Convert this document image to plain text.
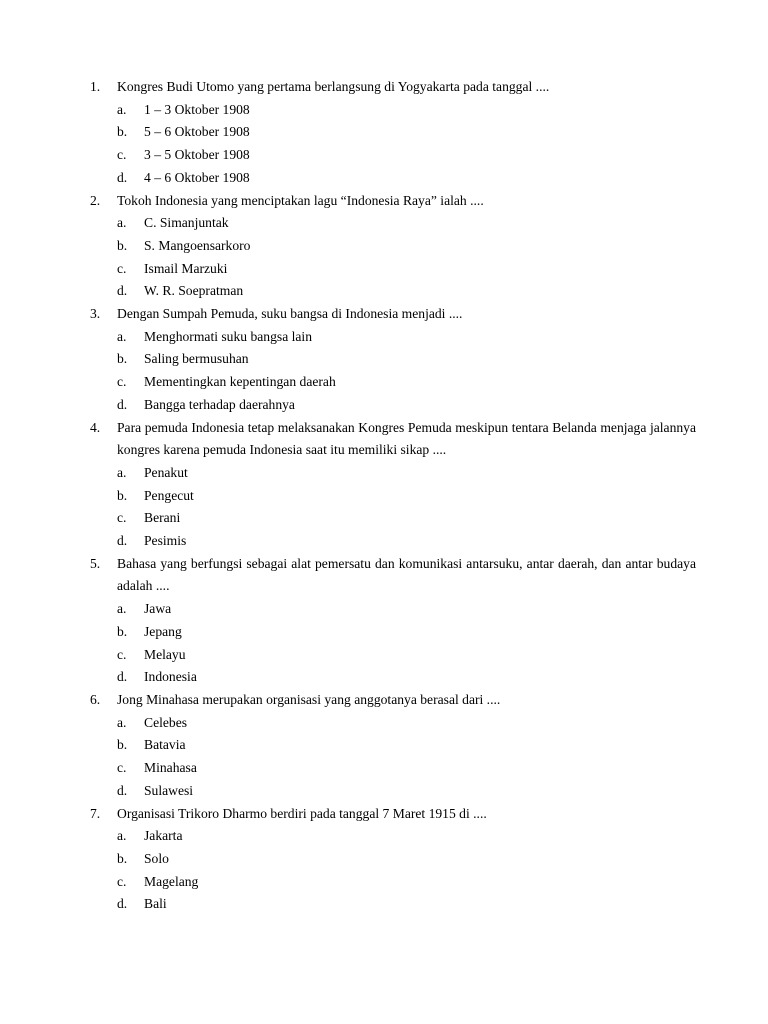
1.	Kongres Budi Utomo yang pertama berlangsung di Yogyakarta pada tanggal ....
a.	1 – 3 Oktober 1908
b.	5 – 6 Oktober 1908
c.	3 – 5 Oktober 1908
d.	4 – 6 Oktober 1908
2.	Tokoh Indonesia yang menciptakan lagu “Indonesia Raya” ialah ....
a.	C. Simanjuntak
b.	S. Mangoensarkoro
c.	Ismail Marzuki
d.	W. R. Soepratman
3.	Dengan Sumpah Pemuda, suku bangsa di Indonesia menjadi ....
a.	Menghormati suku bangsa lain
b.	Saling bermusuhan
c.	Mementingkan kepentingan daerah
d.	Bangga terhadap daerahnya
4.	Para pemuda Indonesia tetap melaksanakan Kongres Pemuda meskipun tentara Belanda menjaga jalannya kongres karena pemuda Indonesia saat itu memiliki sikap ....
a.	Penakut
b.	Pengecut
c.	Berani
d.	Pesimis
5.	Bahasa yang berfungsi sebagai alat pemersatu dan komunikasi antarsuku, antar daerah, dan antar budaya adalah ....
a.	Jawa
b.	Jepang
c.	Melayu
d.	Indonesia
6.	Jong Minahasa merupakan organisasi yang anggotanya berasal dari ....
a.	Celebes
b.	Batavia
c.	Minahasa
d.	Sulawesi
7.	Organisasi Trikoro Dharmo berdiri pada tanggal 7 Maret 1915 di ....
a.	Jakarta
b.	Solo
c.	Magelang
d.	Bali
